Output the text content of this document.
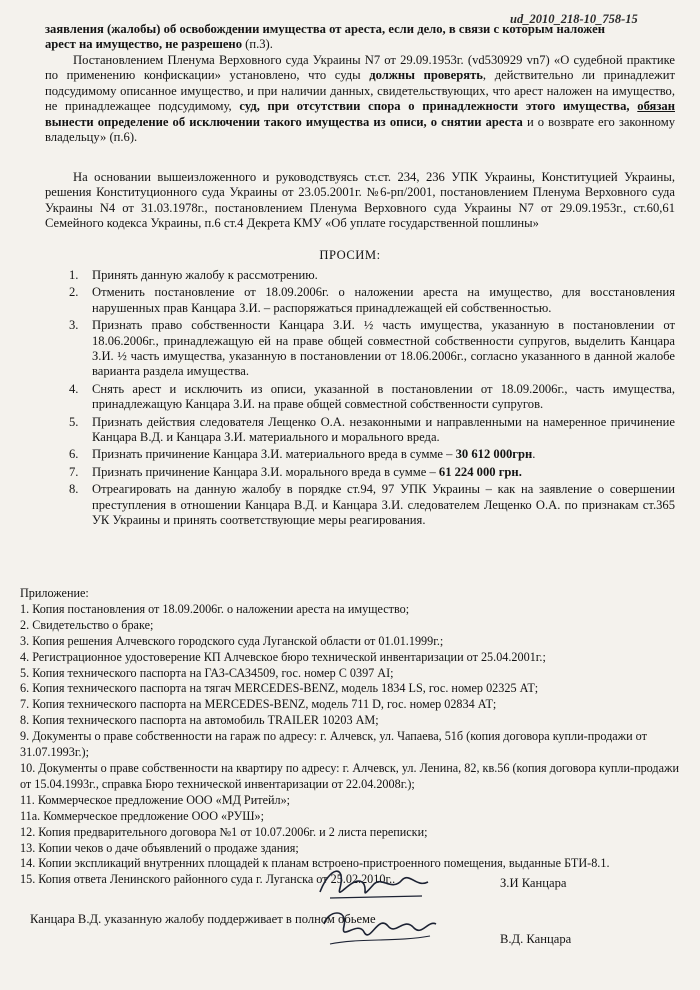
ud_2010_218-10_758-15
заявления (жалобы) об освобождении имущества от ареста, если дело, в связи с которым наложен арест на имущество, не разрешено (п.3).
Постановлением Пленума Верховного суда Украины N7 от 29.09.1953г. (vd530929 vn7) «О судебной практике по применению конфискации» установлено, что суды должны проверять, действительно ли принадлежит подсудимому описанное имущество, и при наличии данных, свидетельствующих, что арест наложен на имущество, не принадлежащее подсудимому, суд, при отсутствии спора о принадлежности этого имущества, обязан вынести определение об исключении такого имущества из описи, о снятии ареста и о возврате его законному владельцу» (п.6).
На основании вышеизложенного и руководствуясь ст.ст. 234, 236 УПК Украины, Конституцией Украины, решения Конституционного суда Украины от 23.05.2001г. №6-рп/2001, постановлением Пленума Верховного суда Украины N4 от 31.03.1978г., постановлением Пленума Верховного суда Украины N7 от 29.09.1953г., ст.60,61 Семейного кодекса Украины, п.6 ст.4 Декрета КМУ «Об уплате государственной пошлины»
ПРОСИМ:
1. Принять данную жалобу к рассмотрению.
2. Отменить постановление от 18.09.2006г. о наложении ареста на имущество, для восстановления нарушенных прав Канцара З.И. – распоряжаться принадлежащей ей собственностью.
3. Признать право собственности Канцара З.И. ½ часть имущества, указанную в постановлении от 18.06.2006г., принадлежащую ей на праве общей совместной собственности супругов, выделить Канцара З.И. ½ часть имущества, указанную в постановлении от 18.06.2006г., согласно указанного в данной жалобе варианта раздела имущества.
4. Снять арест и исключить из описи, указанной в постановлении от 18.09.2006г., часть имущества, принадлежащую Канцара З.И. на праве общей совместной собственности супругов.
5. Признать действия следователя Лещенко О.А. незаконными и направленными на намеренное причинение Канцара В.Д. и Канцара З.И. материального и морального вреда.
6. Признать причинение Канцара З.И. материального вреда в сумме – 30 612 000грн.
7. Признать причинение Канцара З.И. морального вреда в сумме – 61 224 000 грн.
8. Отреагировать на данную жалобу в порядке ст.94, 97 УПК Украины – как на заявление о совершении преступления в отношении Канцара В.Д. и Канцара З.И. следователем Лещенко О.А. по признакам ст.365 УК Украины и принять соответствующие меры реагирования.
Приложение:
1. Копия постановления от 18.09.2006г. о наложении ареста на имущество;
2. Свидетельство о браке;
3. Копия решения Алчевского городского суда Луганской области от 01.01.1999г.;
4. Регистрационное удостоверение КП Алчевское бюро технической инвентаризации от 25.04.2001г.;
5. Копия технического паспорта на ГАЗ-САЗ4509, гос. номер С 0397 АІ;
6. Копия технического паспорта на тягач MERCEDES-BENZ, модель 1834 LS, гос. номер 02325 АТ;
7. Копия технического паспорта на MERCEDES-BENZ, модель 711 D, гос. номер 02834 АТ;
8. Копия технического паспорта на автомобиль TRAILER 10203 АМ;
9. Документы о праве собственности на гараж по адресу: г. Алчевск, ул. Чапаева, 51б (копия договора купли-продажи от 31.07.1993г.);
10. Документы о праве собственности на квартиру по адресу: г. Алчевск, ул. Ленина, 82, кв.56 (копия договора купли-продажи от 15.04.1993г., справка Бюро технической инвентаризации от 22.04.2008г.);
11. Коммерческое предложение ООО «МД Ритейл»;
11а. Коммерческое предложение ООО «РУШ»;
12. Копия предварительного договора №1 от 10.07.2006г. и 2 листа переписки;
13. Копии чеков о даче объявлений о продаже здания;
14. Копии экспликаций внутренних площадей к планам встроено-пристроенного помещения, выданные БТИ-8.1.
15. Копия ответа Ленинского районного суда г. Луганска от 25.02.2010г..	З.И Канцара
Канцара В.Д. указанную жалобу поддерживает в полном обьеме
В.Д. Канцара
